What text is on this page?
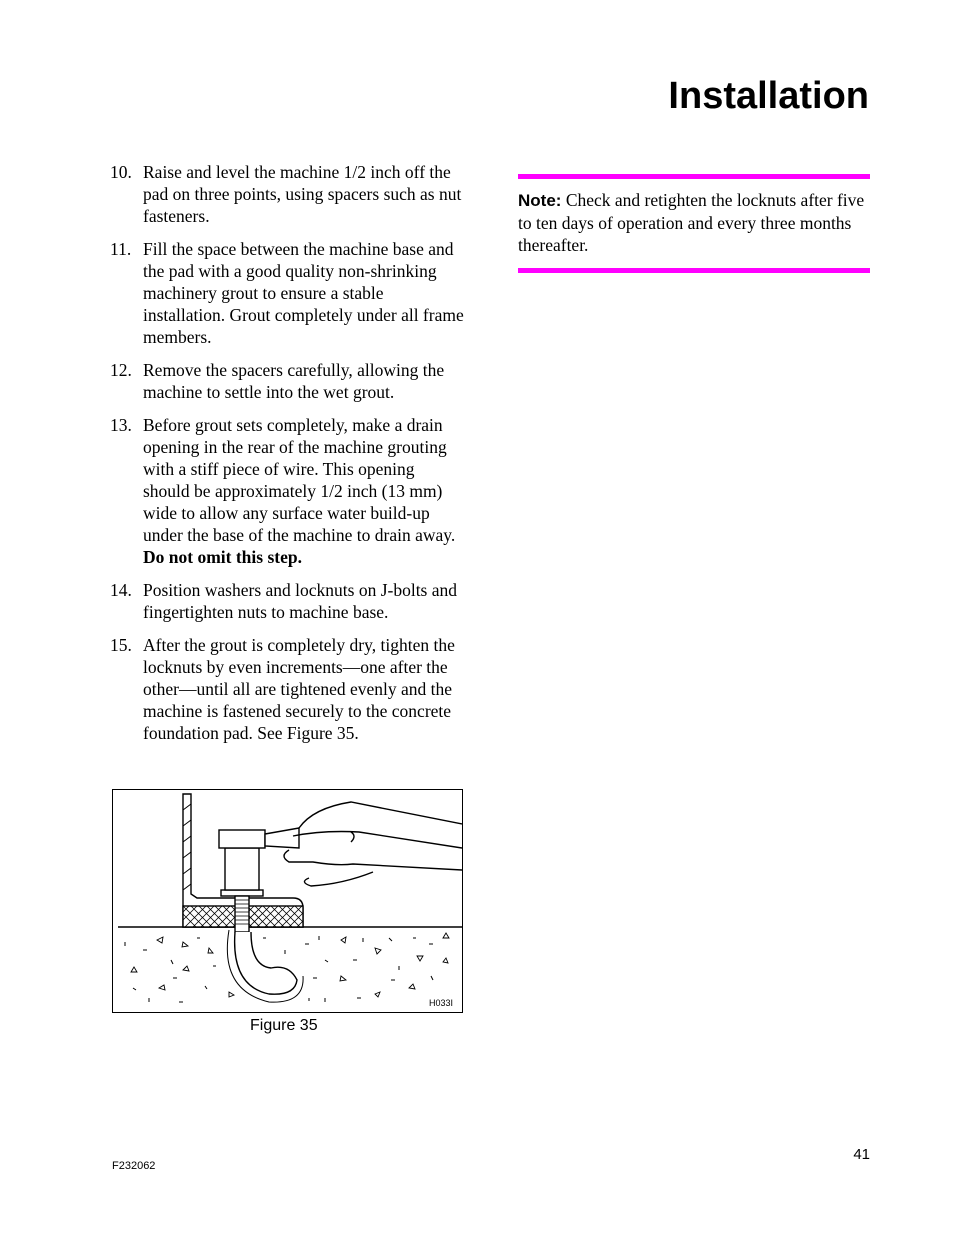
Installation
10. Raise and level the machine 1/2 inch off the pad on three points, using spacers such as nut fasteners.
11. Fill the space between the machine base and the pad with a good quality non-shrinking machinery grout to ensure a stable installation. Grout completely under all frame members.
12. Remove the spacers carefully, allowing the machine to settle into the wet grout.
13. Before grout sets completely, make a drain opening in the rear of the machine grouting with a stiff piece of wire. This opening should be approximately 1/2 inch (13 mm) wide to allow any surface water build-up under the base of the machine to drain away. Do not omit this step.
14. Position washers and locknuts on J-bolts and fingertighten nuts to machine base.
15. After the grout is completely dry, tighten the locknuts by even increments—one after the other—until all are tightened evenly and the machine is fastened securely to the concrete foundation pad. See Figure 35.
Note: Check and retighten the locknuts after five to ten days of operation and every three months thereafter.
H033I
Figure 35
41
F232062
